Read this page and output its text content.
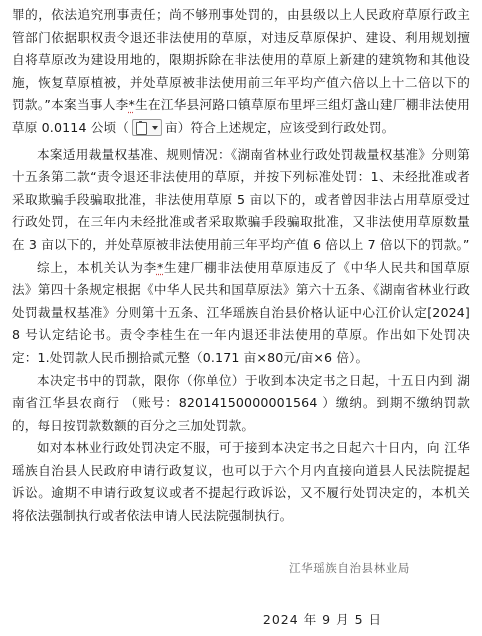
罪的，依法追究刑事责任；尚不够刑事处罚的，由县级以上人民政府草原行政主管部门依据职权责令退还非法使用的草原，对违反草原保护、建设、利用规划擅自将草原改为建设用地的，限期拆除在非法使用的草原上新建的建筑物和其他设施，恢复草原植被，并处草原被非法使用前三年平均产值六倍以上十二倍以下的罚款。”本案当事人李*生在江华县河路口镇草原布里坪三组灯盏山建厂棚非法使用草原 0.0114 公顷（	亩）符合上述规定，应该受到行政处罚。

本案适用裁量权基准、规则情况：《湖南省林业行政处罚裁量权基准》分则第十五条第二款“责令退还非法使用的草原，并按下列标准处罚：1、未经批准或者采取欺骗手段骗取批准，非法使用草原 5 亩以下的，或者曾因非法占用草原受过行政处罚，在三年内未经批准或者采取欺骗手段骗取批准，又非法使用草原数量在 3 亩以下的，并处草原被非法使用前三年平均产值 6 倍以上 7 倍以下的罚款。”

综上，本机关认为李*生建厂棚非法使用草原违反了《中华人民共和国草原法》第四十条规定根据《中华人民共和国草原法》第六十五条、《湖南省林业行政处罚裁量权基准》分则第十五条、江华瑶族自治县价格认证中心江价认定[2024] 8 号认定结论书。责令李桂生在一年内退还非法使用的草原。作出如下处罚决定：1.处罚款人民币捌拾贰元整（0.171 亩×80元/亩×6 倍）。

本决定书中的罚款，限你（你单位）于收到本决定书之日起，十五日内到 湖南省江华县农商行 （账号：82014150000001564 ）缴纳。到期不缴纳罚款的，每日按罚款数额的百分之三加处罚款。

如对本林业行政处罚决定不服，可于接到本决定书之日起六十日内，向 江华瑶族自治县人民政府申请行政复议，也可以于六个月内直接向道县人民法院提起诉讼。逾期不申请行政复议或者不提起行政诉讼，又不履行处罚决定的，本机关将依法强制执行或者依法申请人民法院强制执行。

江华瑶族自治县林业局
2024 年 9 月 5 日
